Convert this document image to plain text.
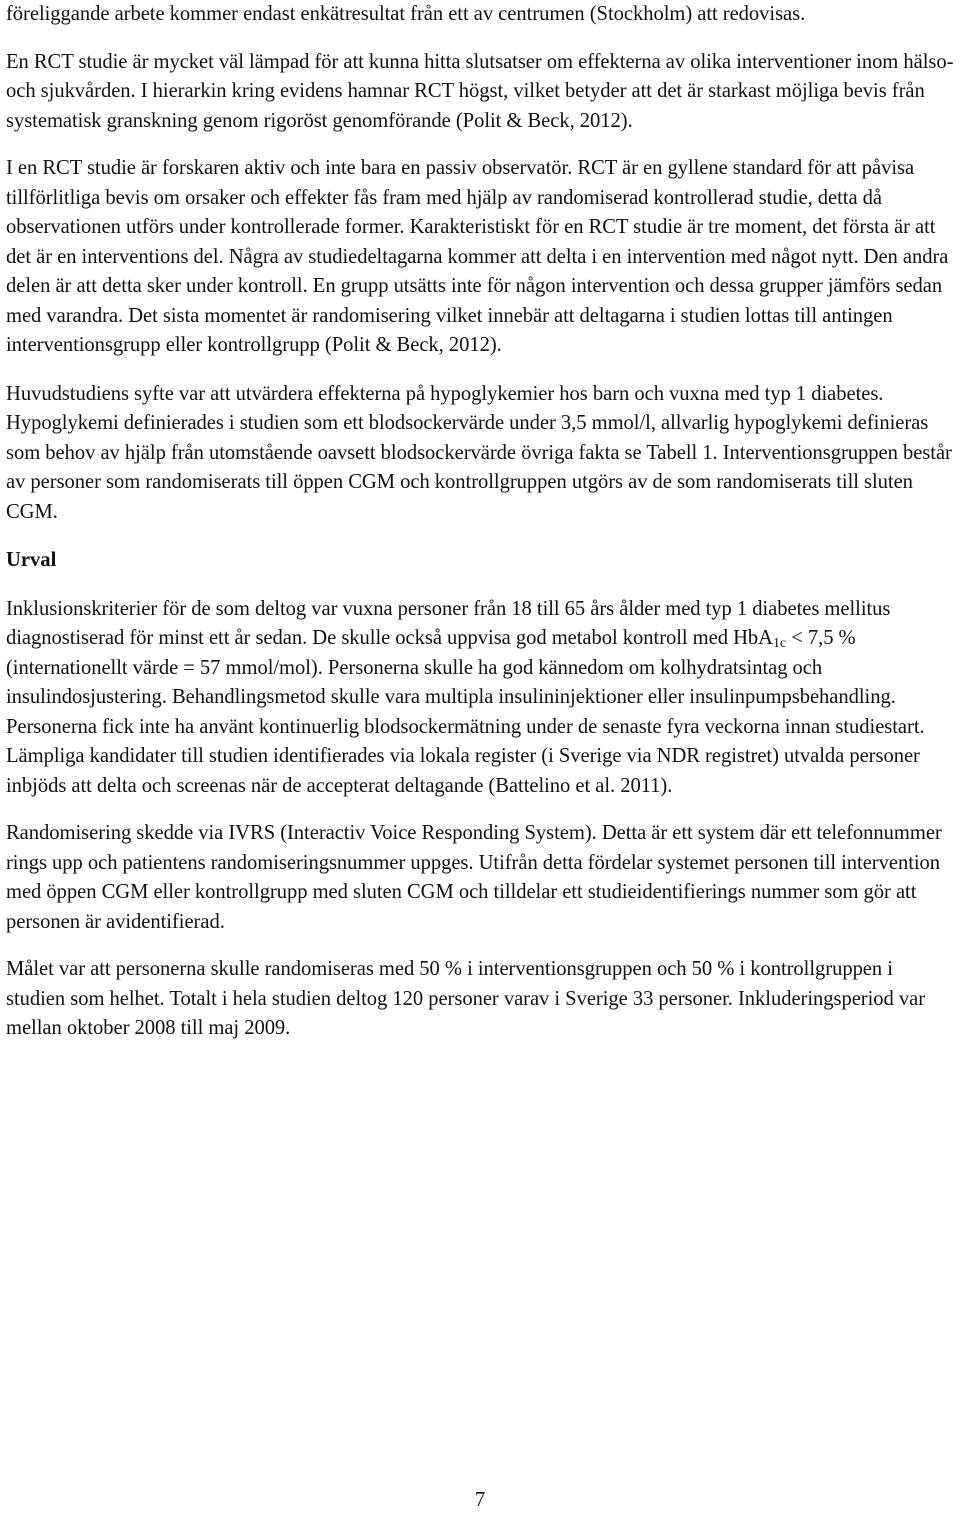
föreliggande arbete kommer endast enkätresultat från ett av centrumen (Stockholm) att redovisas.

En RCT studie är mycket väl lämpad för att kunna hitta slutsatser om effekterna av olika interventioner inom hälso-och sjukvården. I hierarkin kring evidens hamnar RCT högst, vilket betyder att det är starkast möjliga bevis från systematisk granskning genom rigoröst genomförande (Polit & Beck, 2012).

I en RCT studie är forskaren aktiv och inte bara en passiv observatör. RCT är en gyllene standard för att påvisa tillförlitliga bevis om orsaker och effekter fås fram med hjälp av randomiserad kontrollerad studie, detta då observationen utförs under kontrollerade former. Karakteristiskt för en RCT studie är tre moment, det första är att det är en interventions del. Några av studiedeltagarna kommer att delta i en intervention med något nytt. Den andra delen är att detta sker under kontroll. En grupp utsätts inte för någon intervention och dessa grupper jämförs sedan med varandra. Det sista momentet är randomisering vilket innebär att deltagarna i studien lottas till antingen interventionsgrupp eller kontrollgrupp (Polit & Beck, 2012).

Huvudstudiens syfte var att utvärdera effekterna på hypoglykemier hos barn och vuxna med typ 1 diabetes. Hypoglykemi definierades i studien som ett blodsockervärde under 3,5 mmol/l, allvarlig hypoglykemi definieras som behov av hjälp från utomstående oavsett blodsockervärde övriga fakta se Tabell 1. Interventionsgruppen består av personer som randomiserats till öppen CGM och kontrollgruppen utgörs av de som randomiserats till sluten CGM.

Urval

Inklusionskriterier för de som deltog var vuxna personer från 18 till 65 års ålder med typ 1 diabetes mellitus diagnostiserad för minst ett år sedan. De skulle också uppvisa god metabol kontroll med HbA$_{1c}$ < 7,5 % (internationellt värde = 57 mmol/mol). Personerna skulle ha god kännedom om kolhydratsintag och insulindosjustering. Behandlingsmetod skulle vara multipla insulininjektioner eller insulinpumpsbehandling. Personerna fick inte ha använt kontinuerlig blodsockermätning under de senaste fyra veckorna innan studiestart. Lämpliga kandidater till studien identifierades via lokala register (i Sverige via NDR registret) utvalda personer inbjöds att delta och screenas när de accepterat deltagande (Battelino et al. 2011).

Randomisering skedde via IVRS (Interactiv Voice Responding System). Detta är ett system där ett telefonnummer rings upp och patientens randomiseringsnummer uppges. Utifrån detta fördelar systemet personen till intervention med öppen CGM eller kontrollgrupp med sluten CGM och tilldelar ett studieidentifierings nummer som gör att personen är avidentifierad.

Målet var att personerna skulle randomiseras med 50 % i interventionsgruppen och 50 % i kontrollgruppen i studien som helhet. Totalt i hela studien deltog 120 personer varav i Sverige 33 personer. Inkluderingsperiod var mellan oktober 2008 till maj 2009.

7
